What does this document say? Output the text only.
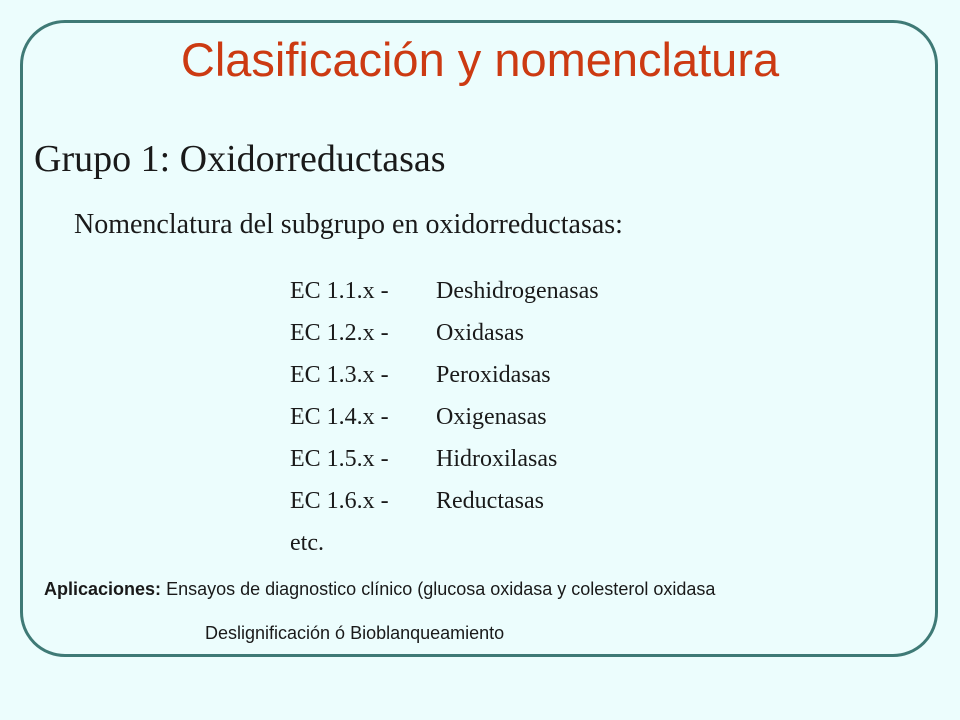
Clasificación y nomenclatura
Grupo 1: Oxidorreductasas
Nomenclatura del subgrupo en oxidorreductasas:
EC 1.1.x - Deshidrogenasas
EC 1.2.x - Oxidasas
EC 1.3.x - Peroxidasas
EC 1.4.x - Oxigenasas
EC 1.5.x - Hidroxilasas
EC 1.6.x - Reductasas
etc.
Aplicaciones: Ensayos de diagnostico clínico (glucosa oxidasa y colesterol oxidasa
Deslignificación ó Bioblanqueamiento
